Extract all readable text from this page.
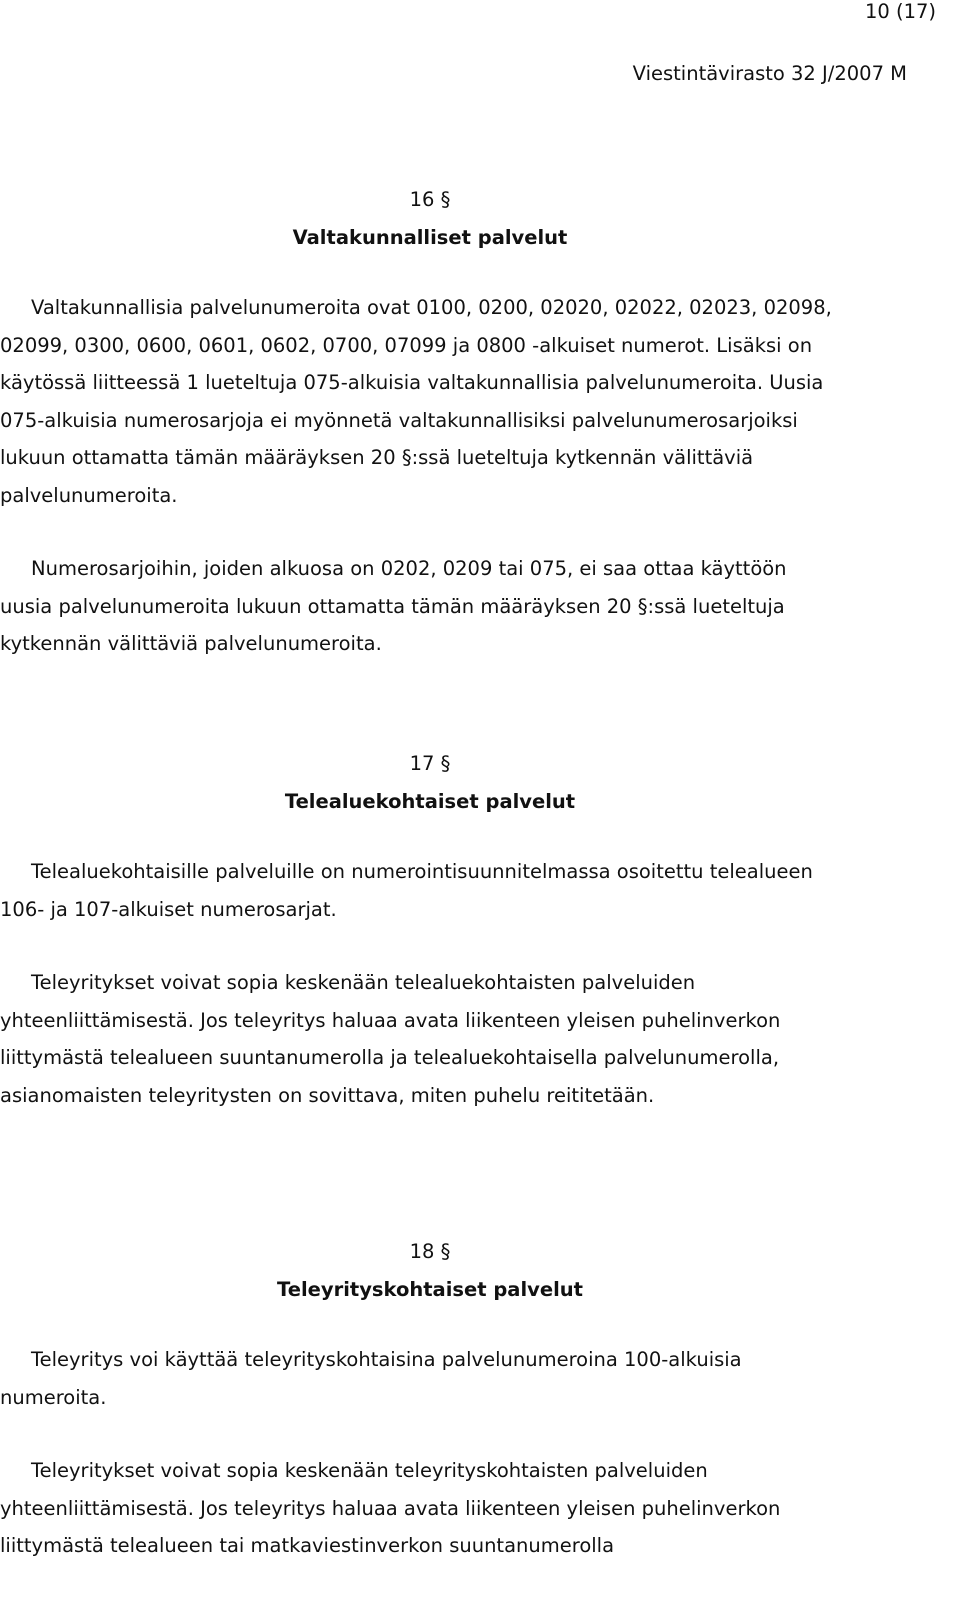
10 (17)
Viestintävirasto 32 J/2007 M
16 §
Valtakunnalliset palvelut

Valtakunnallisia palvelunumeroita ovat 0100, 0200, 02020, 02022, 02023, 02098, 02099, 0300, 0600, 0601, 0602, 0700, 07099 ja 0800 -alkuiset numerot. Lisäksi on käytössä liitteessä 1 lueteltuja 075-alkuisia valtakunnallisia palvelunumeroita. Uusia 075-alkuisia numerosarjoja ei myönnetä valtakunnallisiksi palvelunumerosarjoiksi lukuun ottamatta tämän määräyksen 20 §:ssä lueteltuja kytkennän välittäviä palvelunumeroita.

Numerosarjoihin, joiden alkuosa on 0202, 0209 tai 075, ei saa ottaa käyttöön uusia palvelunumeroita lukuun ottamatta tämän määräyksen 20 §:ssä lueteltuja kytkennän välittäviä palvelunumeroita.

17 §
Telealuekohtaiset palvelut

Telealuekohtaisille palveluille on numerointisuunnitelmassa osoitettu telealueen 106- ja 107-alkuiset numerosarjat.

Teleyritykset voivat sopia keskenään telealuekohtaisten palveluiden yhteenliittämisestä. Jos teleyritys haluaa avata liikenteen yleisen puhelinverkon liittymästä telealueen suuntanumerolla ja telealuekohtaisella palvelunumerolla, asianomaisten teleyritysten on sovittava, miten puhelu reititetään.

18 §
Teleyrityskohtaiset palvelut

Teleyritys voi käyttää teleyrityskohtaisina palvelunumeroina 100-alkuisia numeroita.

Teleyritykset voivat sopia keskenään teleyrityskohtaisten palveluiden yhteenliittämisestä. Jos teleyritys haluaa avata liikenteen yleisen puhelinverkon liittymästä telealueen tai matkaviestinverkon suuntanumerolla
